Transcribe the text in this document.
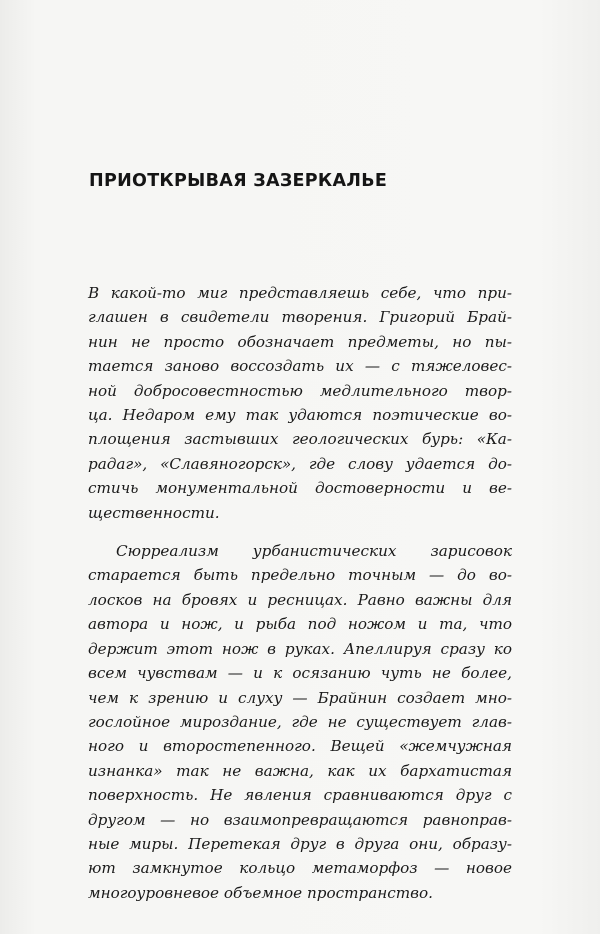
ПРИОТКРЫВАЯ ЗАЗЕРКАЛЬЕ
В какой-то миг представляешь себе, что при-
глашен в свидетели творения. Григорий Брай-
нин не просто обозначает предметы, но пы-
тается заново воссоздать их — с тяжеловес-
ной добросовестностью медлительного твор-
ца. Недаром ему так удаются поэтические во-
площения застывших геологических бурь: «Ка-
радаг», «Славяногорск», где слову удается до-
стичь монументальной достоверности и ве-
щественности.
Сюрреализм урбанистических зарисовок
старается быть предельно точным — до во-
лосков на бровях и ресницах. Равно важны для
автора и нож, и рыба под ножом и та, что
держит этот нож в руках. Апеллируя сразу ко
всем чувствам — и к осязанию чуть не более,
чем к зрению и слуху — Брайнин создает мно-
гослойное мироздание, где не существует глав-
ного и второстепенного. Вещей «жемчужная
изнанка» так не важна, как их бархатистая
поверхность. Не явления сравниваются друг с
другом — но взаимопревращаются равноправ-
ные миры. Перетекая друг в друга они, образу-
ют замкнутое кольцо метаморфоз — новое
многоуровневое объемное пространство.
